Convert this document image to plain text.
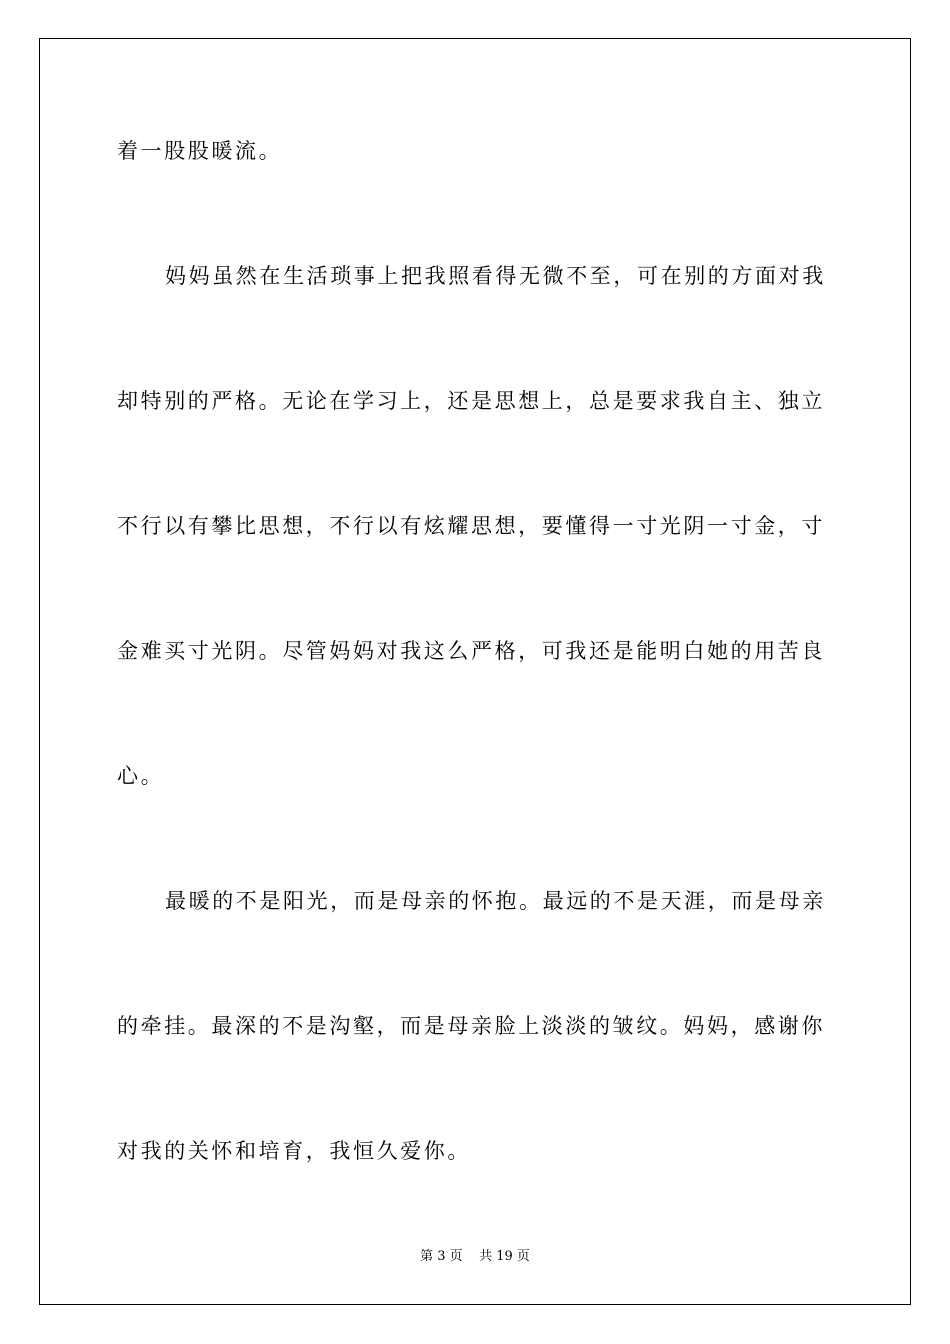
着一股股暖流。

妈妈虽然在生活琐事上把我照看得无微不至，可在别的方面对我

却特别的严格。无论在学习上，还是思想上，总是要求我自主、独立

不行以有攀比思想，不行以有炫耀思想，要懂得一寸光阴一寸金，寸

金难买寸光阴。尽管妈妈对我这么严格，可我还是能明白她的用苦良

心。

最暖的不是阳光，而是母亲的怀抱。最远的不是天涯，而是母亲

的牵挂。最深的不是沟壑，而是母亲脸上淡淡的皱纹。妈妈，感谢你

对我的关怀和培育，我恒久爱你。

第 3 页    共 19 页
